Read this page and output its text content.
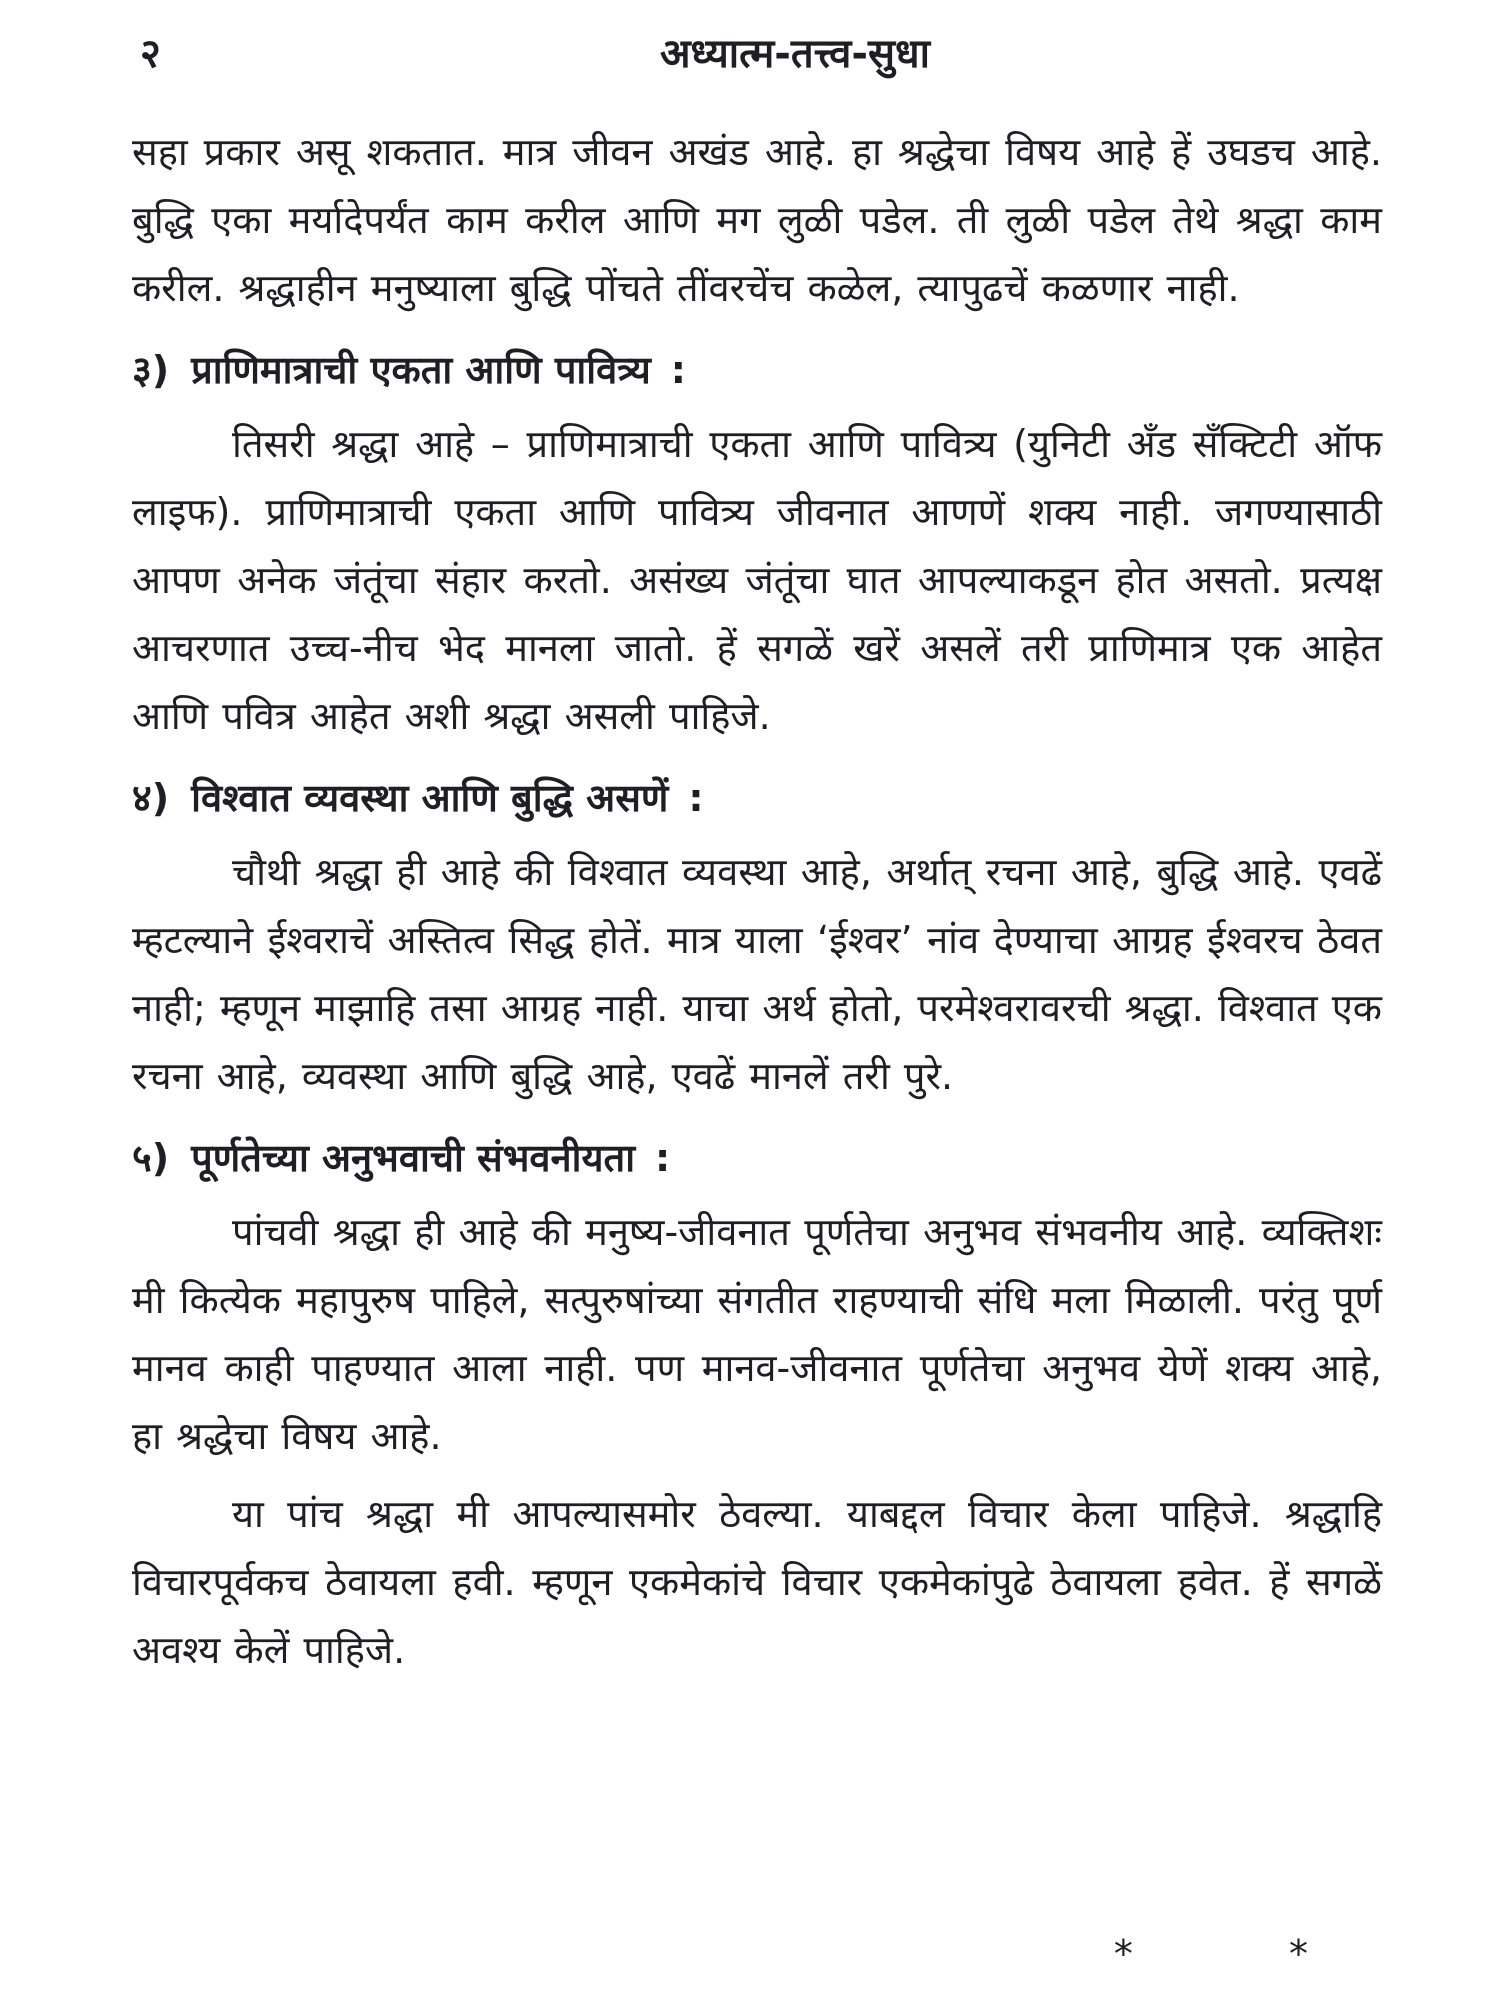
२	अध्यात्म-तत्त्व-सुधा

सहा प्रकार असू शकतात. मात्र जीवन अखंड आहे. हा श्रद्धेचा विषय आहे हें उघडच आहे. बुद्धि एका मर्यादेपर्यंत काम करील आणि मग लुळी पडेल. ती लुळी पडेल तेथे श्रद्धा काम करील. श्रद्धाहीन मनुष्याला बुद्धि पोंचते तींवरचेंच कळेल, त्यापुढचें कळणार नाही.

३) प्राणिमात्राची एकता आणि पावित्र्य :

तिसरी श्रद्धा आहे – प्राणिमात्राची एकता आणि पावित्र्य (युनिटी अँड सँक्टिटी ऑफ लाइफ). प्राणिमात्राची एकता आणि पावित्र्य जीवनात आणणें शक्य नाही. जगण्यासाठी आपण अनेक जंतूंचा संहार करतो. असंख्य जंतूंचा घात आपल्याकडून होत असतो. प्रत्यक्ष आचरणात उच्च-नीच भेद मानला जातो. हें सगळें खरें असलें तरी प्राणिमात्र एक आहेत आणि पवित्र आहेत अशी श्रद्धा असली पाहिजे.

४) विश्वात व्यवस्था आणि बुद्धि असणें :

चौथी श्रद्धा ही आहे की विश्वात व्यवस्था आहे, अर्थात् रचना आहे, बुद्धि आहे. एवढें म्हटल्याने ईश्वराचें अस्तित्व सिद्ध होतें. मात्र याला ‘ईश्वर’ नांव देण्याचा आग्रह ईश्वरच ठेवत नाही; म्हणून माझाहि तसा आग्रह नाही. याचा अर्थ होतो, परमेश्वरावरची श्रद्धा. विश्वात एक रचना आहे, व्यवस्था आणि बुद्धि आहे, एवढें मानलें तरी पुरे.

५) पूर्णतेच्या अनुभवाची संभवनीयता :

पांचवी श्रद्धा ही आहे की मनुष्य-जीवनात पूर्णतेचा अनुभव संभवनीय आहे. व्यक्तिशः मी कित्येक महापुरुष पाहिले, सत्पुरुषांच्या संगतीत राहण्याची संधि मला मिळाली. परंतु पूर्ण मानव काही पाहण्यात आला नाही. पण मानव-जीवनात पूर्णतेचा अनुभव येणें शक्य आहे, हा श्रद्धेचा विषय आहे.

या पांच श्रद्धा मी आपल्यासमोर ठेवल्या. याबद्दल विचार केला पाहिजे. श्रद्धाहि विचारपूर्वकच ठेवायला हवी. म्हणून एकमेकांचे विचार एकमेकांपुढे ठेवायला हवेत. हें सगळें अवश्य केलें पाहिजे.

* *
